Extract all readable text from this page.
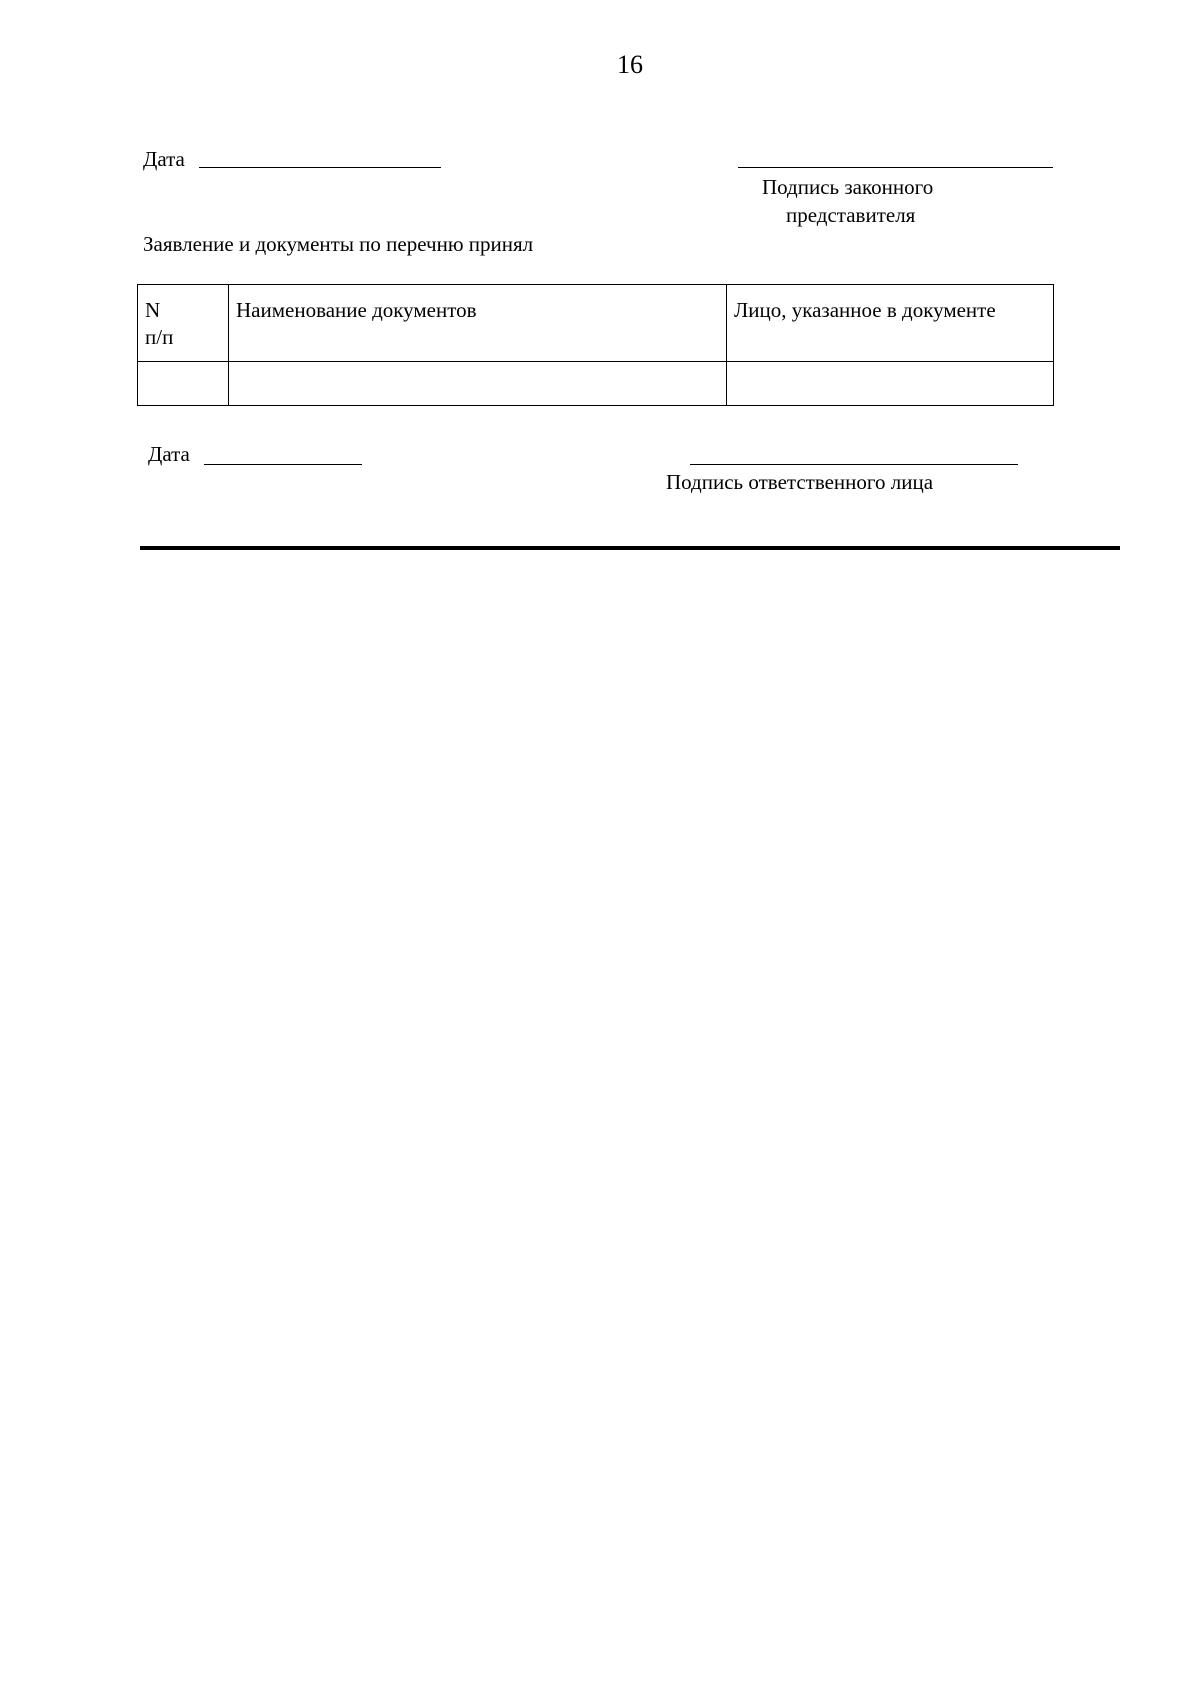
16
Дата
Подпись законного
представителя
Заявление и документы по перечню принял
N
п/п	Наименование документов	Лицо, указанное в документе

Дата
Подпись ответственного лица
